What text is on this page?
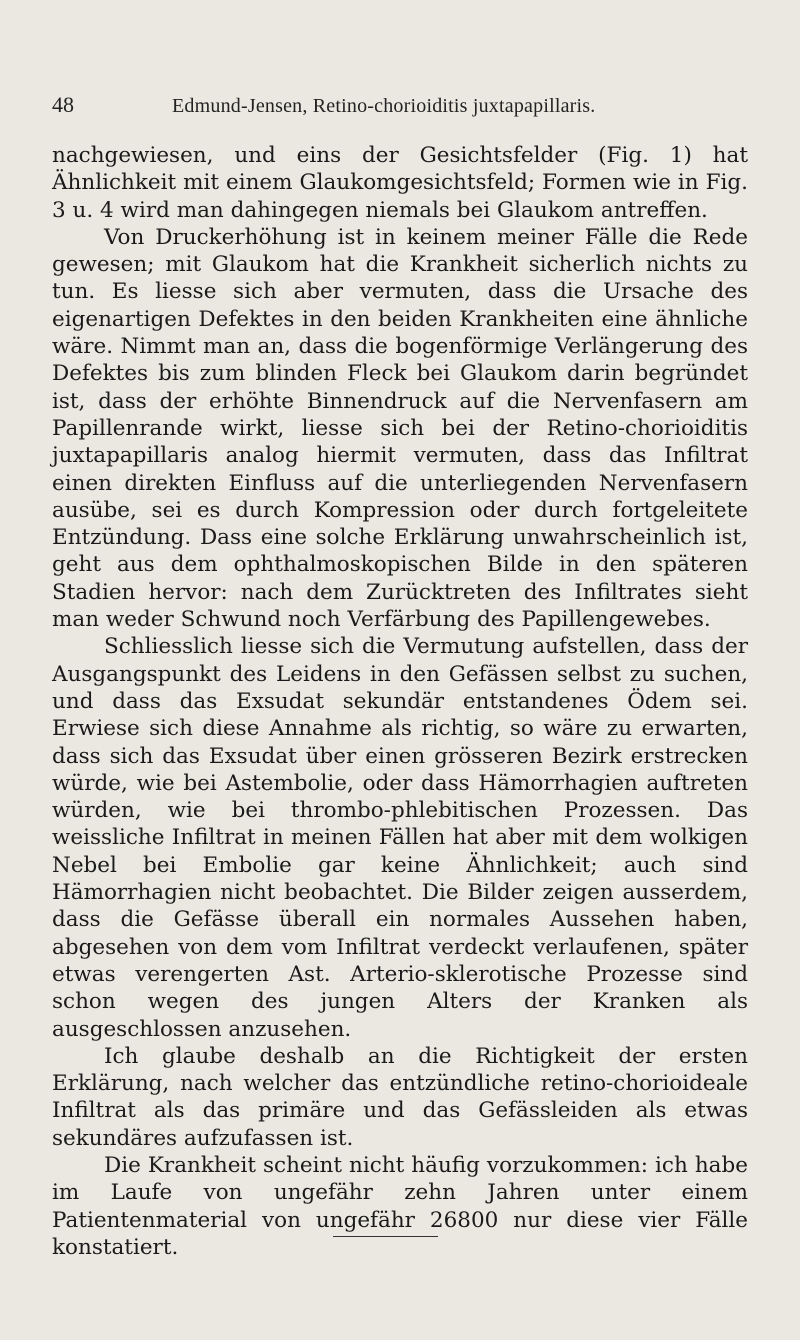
48	Edmund-Jensen, Retino-chorioiditis juxtapapillaris.

nachgewiesen, und eins der Gesichtsfelder (Fig. 1) hat Ähnlichkeit mit einem Glaukomgesichtsfeld; Formen wie in Fig. 3 u. 4 wird man dahingegen niemals bei Glaukom antreffen.

Von Druckerhöhung ist in keinem meiner Fälle die Rede gewesen; mit Glaukom hat die Krankheit sicherlich nichts zu tun. Es liesse sich aber vermuten, dass die Ursache des eigenartigen Defektes in den beiden Krankheiten eine ähnliche wäre. Nimmt man an, dass die bogenförmige Verlängerung des Defektes bis zum blinden Fleck bei Glaukom darin begründet ist, dass der erhöhte Binnendruck auf die Nervenfasern am Papillenrande wirkt, liesse sich bei der Retino-chorioiditis juxtapapillaris analog hiermit vermuten, dass das Infiltrat einen direkten Einfluss auf die unterliegenden Nervenfasern ausübe, sei es durch Kompression oder durch fortgeleitete Entzündung. Dass eine solche Erklärung unwahrscheinlich ist, geht aus dem ophthalmoskopischen Bilde in den späteren Stadien hervor: nach dem Zurücktreten des Infiltrates sieht man weder Schwund noch Verfärbung des Papillengewebes.

Schliesslich liesse sich die Vermutung aufstellen, dass der Ausgangspunkt des Leidens in den Gefässen selbst zu suchen, und dass das Exsudat sekundär entstandenes Ödem sei. Erwiese sich diese Annahme als richtig, so wäre zu erwarten, dass sich das Exsudat über einen grösseren Bezirk erstrecken würde, wie bei Astembolie, oder dass Hämorrhagien auftreten würden, wie bei thrombo-phlebitischen Prozessen. Das weissliche Infiltrat in meinen Fällen hat aber mit dem wolkigen Nebel bei Embolie gar keine Ähnlichkeit; auch sind Hämorrhagien nicht beobachtet. Die Bilder zeigen ausserdem, dass die Gefässe überall ein normales Aussehen haben, abgesehen von dem vom Infiltrat verdeckt verlaufenen, später etwas verengerten Ast. Arterio-sklerotische Prozesse sind schon wegen des jungen Alters der Kranken als ausgeschlossen anzusehen.

Ich glaube deshalb an die Richtigkeit der ersten Erklärung, nach welcher das entzündliche retino-chorioideale Infiltrat als das primäre und das Gefässleiden als etwas sekundäres aufzufassen ist.

Die Krankheit scheint nicht häufig vorzukommen: ich habe im Laufe von ungefähr zehn Jahren unter einem Patientenmaterial von ungefähr 26800 nur diese vier Fälle konstatiert.
